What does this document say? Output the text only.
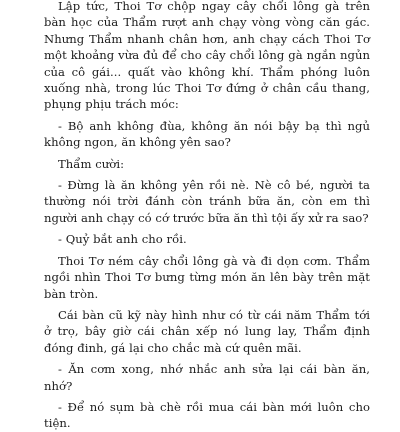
Lập tức, Thoi Tơ chộp ngay cây chổi lông gà trên bàn học của Thẩm rượt anh chạy vòng vòng căn gác. Nhưng Thẩm nhanh chân hơn, anh chạy cách Thoi Tơ một khoảng vừa đủ để cho cây chổi lông gà ngắn ngủn của cô gái... quất vào không khí. Thẩm phóng luôn xuống nhà, trong lúc Thoi Tơ đứng ở chân cầu thang, phụng phịu trách móc:

- Bộ anh không đùa, không ăn nói bậy bạ thì ngủ không ngon, ăn không yên sao?

Thẩm cười:

- Đừng là ăn không yên rồi nè. Nè cô bé, người ta thường nói trời đánh còn tránh bữa ăn, còn em thì người anh chạy có cớ trước bữa ăn thì tội ấy xử ra sao?

- Quỷ bắt anh cho rồi.

Thoi Tơ ném cây chổi lông gà và đi dọn cơm. Thẩm ngồi nhìn Thoi Tơ bưng từng món ăn lên bày trên mặt bàn tròn.

Cái bàn cũ kỹ này hình như có từ cái năm Thẩm tới ở trọ, bây giờ cái chân xếp nó lung lay, Thẩm định đóng đinh, gá lại cho chắc mà cứ quên mãi.

- Ăn cơm xong, nhớ nhắc anh sửa lại cái bàn ăn, nhớ?

- Để nó sụm bà chè rồi mua cái bàn mới luôn cho tiện.
